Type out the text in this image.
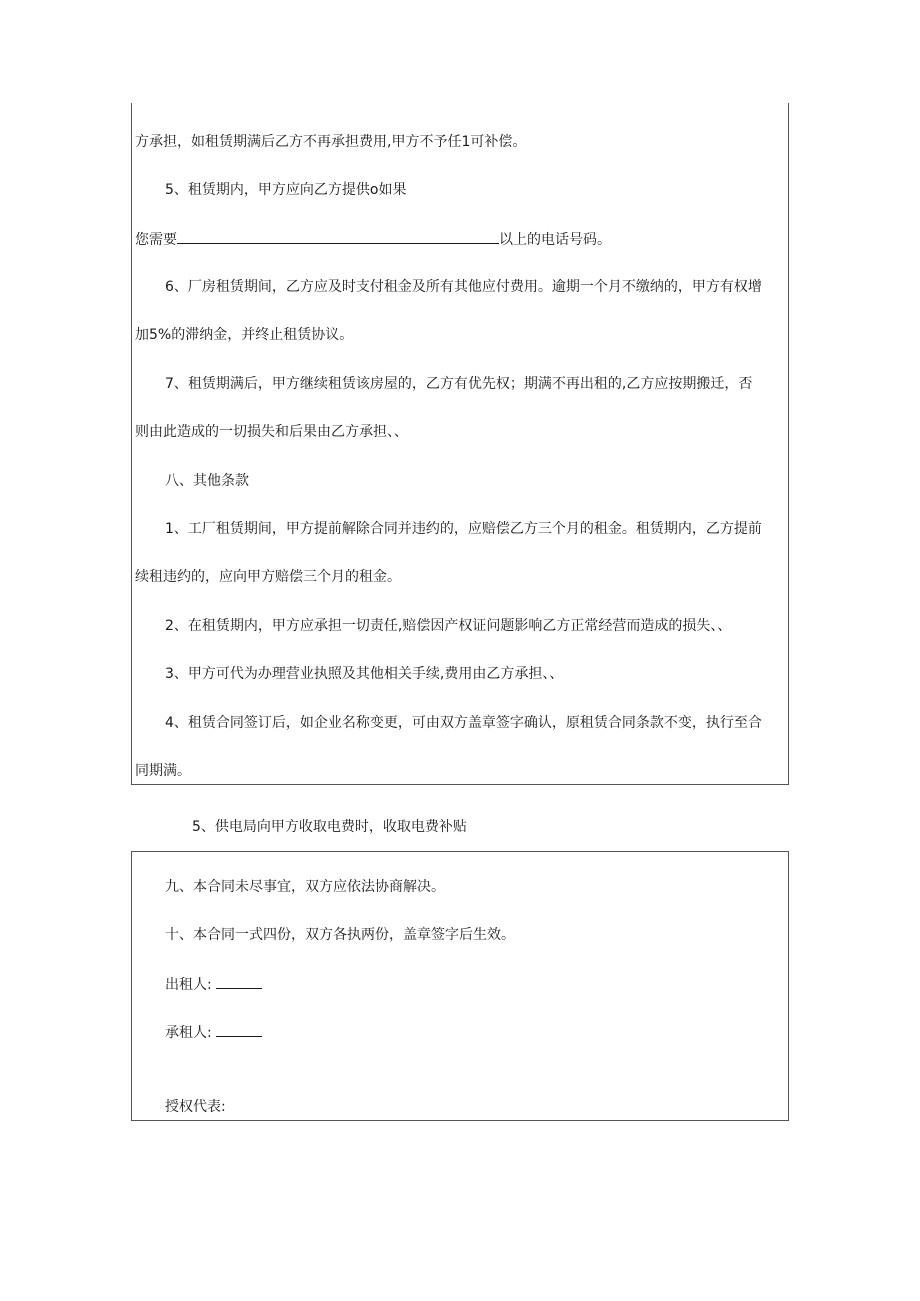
方承担，如租赁期满后乙方不再承担费用,甲方不予任1可补偿。
5、租赁期内，甲方应向乙方提供o如果
您需要	以上的电话号码。
6、厂房租赁期间，乙方应及时支付租金及所有其他应付费用。逾期一个月不缴纳的，甲方有权增
加5%的滞纳金，并终止租赁协议。
7、租赁期满后，甲方继续租赁该房屋的，乙方有优先权；期满不再出租的,乙方应按期搬迁，否
则由此造成的一切损失和后果由乙方承担、、
八、其他条款
1、工厂租赁期间，甲方提前解除合同并违约的，应赔偿乙方三个月的租金。租赁期内，乙方提前
续租违约的，应向甲方赔偿三个月的租金。
2、在租赁期内，甲方应承担一切责任,赔偿因产权证问题影响乙方正常经营而造成的损失、、
3、甲方可代为办理营业执照及其他相关手续,费用由乙方承担、、
4、租赁合同签订后，如企业名称变更，可由双方盖章签字确认，原租赁合同条款不变，执行至合
同期满。
5、供电局向甲方收取电费时，收取电费补贴
九、本合同未尽事宜，双方应依法协商解决。
十、本合同一式四份，双方各执两份，盖章签字后生效。
出租人:
承租人:
授权代表:
